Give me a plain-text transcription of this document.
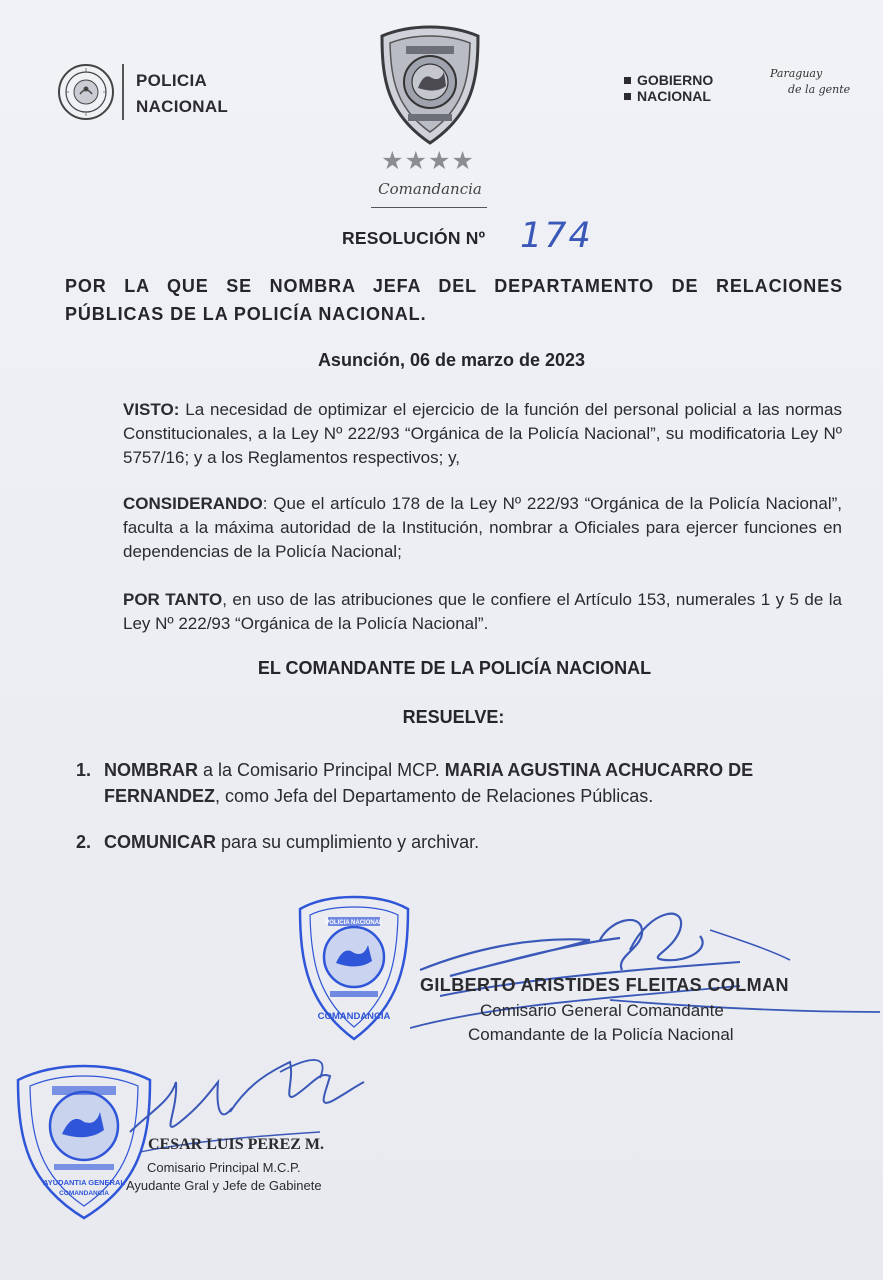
POLICIA
NACIONAL
★★★★
Comandancia
GOBIERNO
NACIONAL
Paraguay
de la gente
RESOLUCIÓN Nº 174
POR LA QUE SE NOMBRA JEFA DEL DEPARTAMENTO DE RELACIONES
PÚBLICAS DE LA POLICÍA NACIONAL.
Asunción, 06 de marzo de 2023
VISTO: La necesidad de optimizar el ejercicio de la función del personal policial a las normas Constitucionales, a la Ley Nº 222/93 “Orgánica de la Policía Nacional”, su modificatoria Ley Nº 5757/16; y a los Reglamentos respectivos; y,
CONSIDERANDO: Que el artículo 178 de la Ley Nº 222/93 “Orgánica de la Policía Nacional”, faculta a la máxima autoridad de la Institución, nombrar a Oficiales para ejercer funciones en dependencias de la Policía Nacional;
POR TANTO, en uso de las atribuciones que le confiere el Artículo 153, numerales 1 y 5 de la Ley Nº 222/93 “Orgánica de la Policía Nacional”.
EL COMANDANTE DE LA POLICÍA NACIONAL
RESUELVE:
1. NOMBRAR a la Comisario Principal MCP. MARIA AGUSTINA ACHUCARRO DE
FERNANDEZ, como Jefa del Departamento de Relaciones Públicas.
2. COMUNICAR para su cumplimiento y archivar.
POLICIA NACIONAL
COMANDANCIA
GILBERTO ARISTIDES FLEITAS COLMAN
Comisario General Comandante
Comandante de la Policía Nacional
AYUDANTIA GENERAL
COMANDANCIA
CESAR LUIS PEREZ M.
Comisario Principal M.C.P.
Ayudante Gral y Jefe de Gabinete
